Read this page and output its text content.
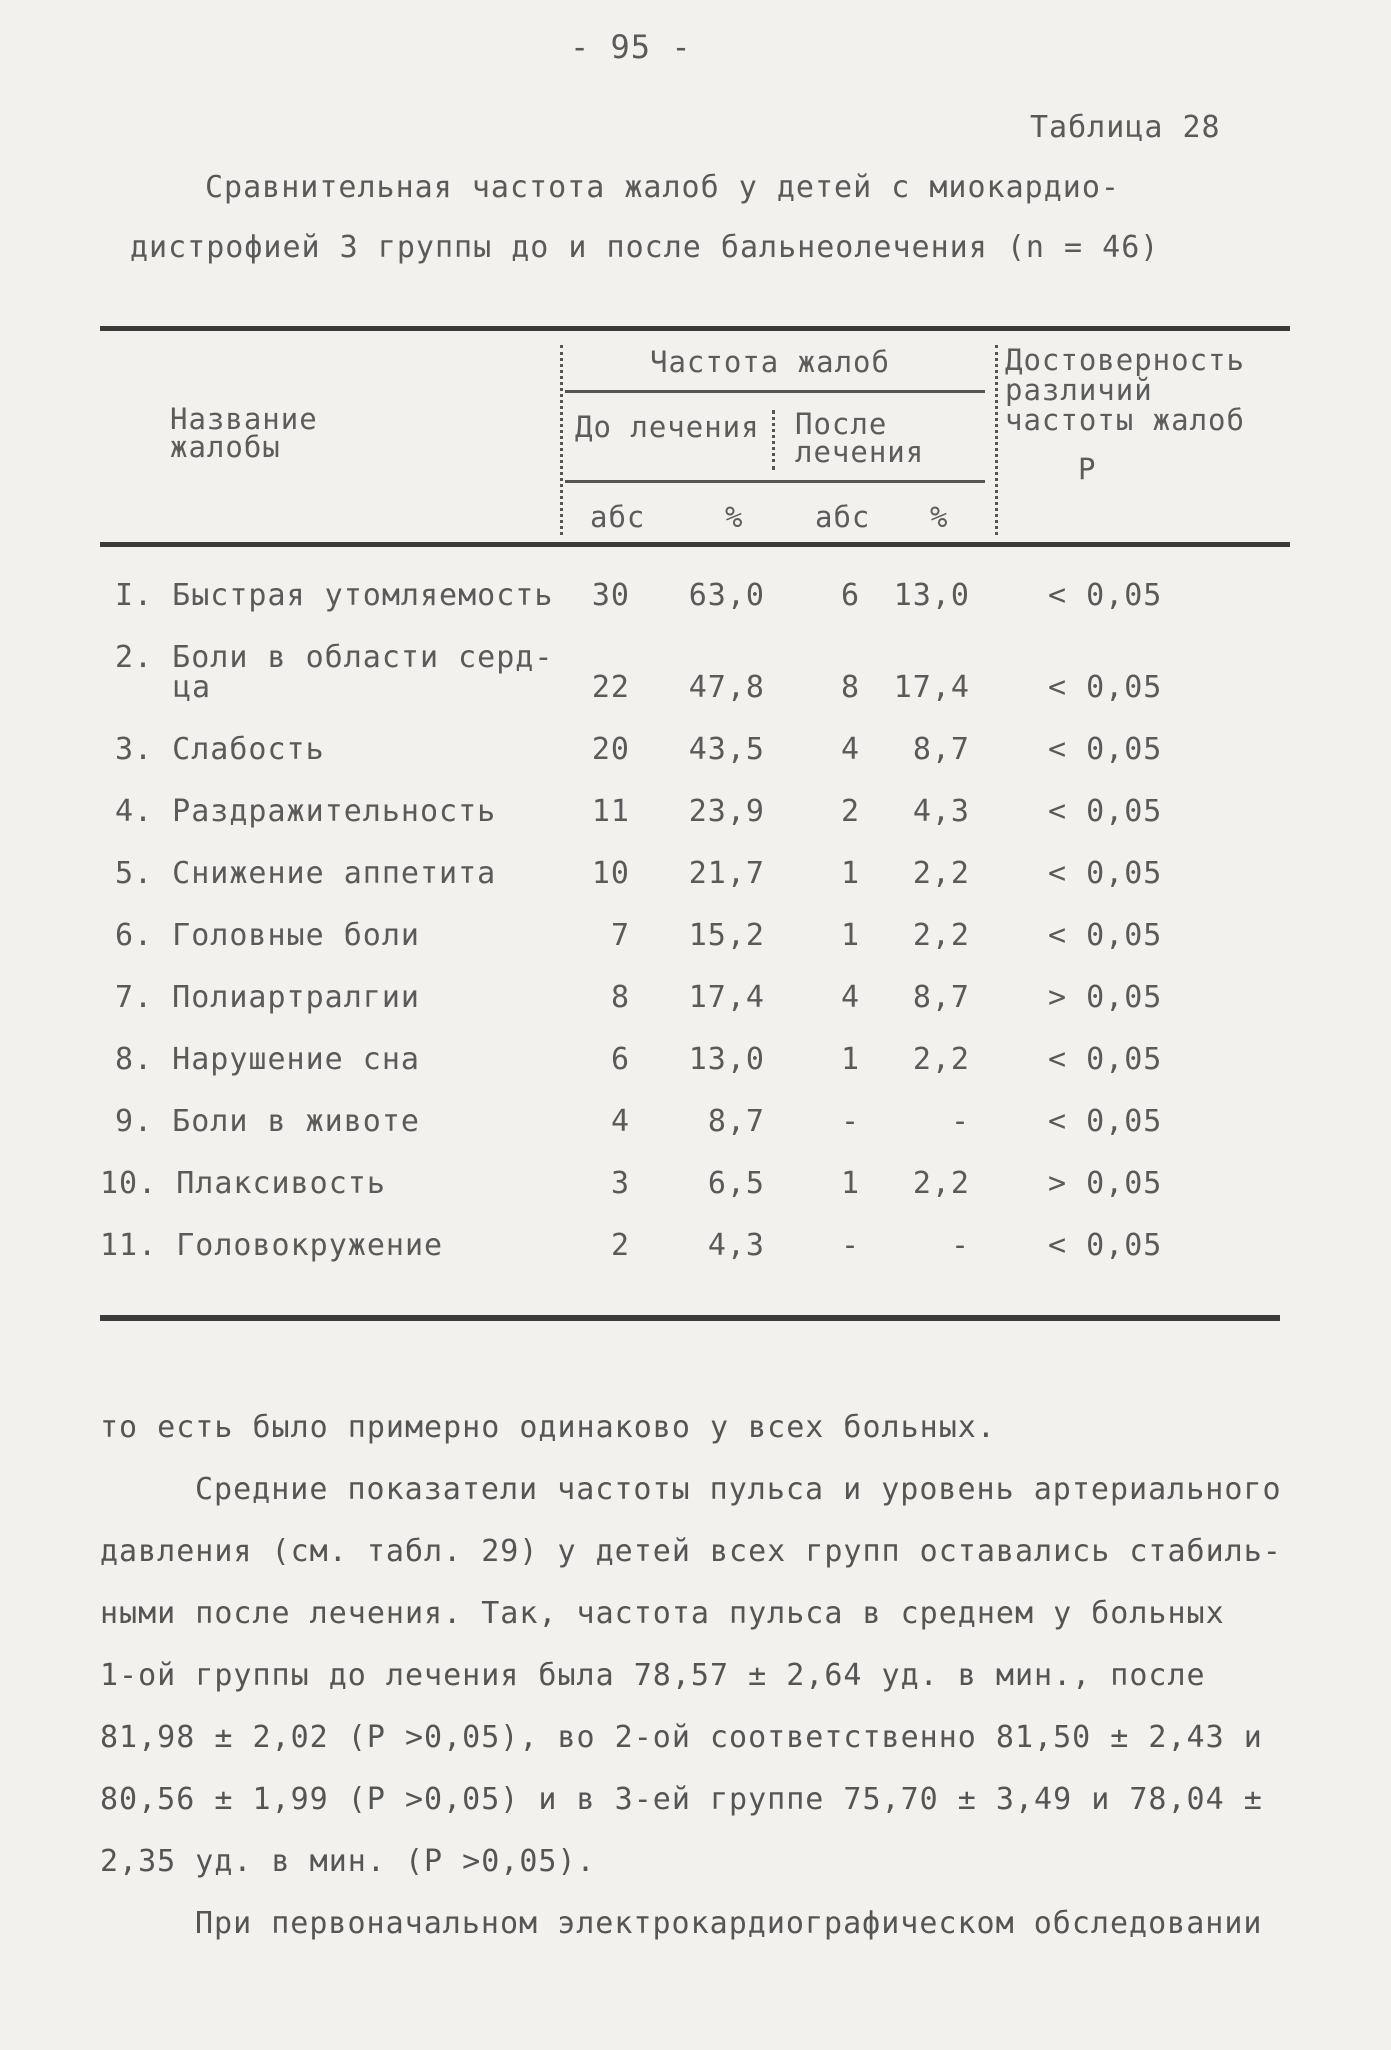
- 95 -
Таблица 28
Сравнительная частота жалоб у детей с миокардио-
дистрофией 3 группы до и после бальнеолечения (n = 46)
Название жалобы
Частота жалоб
До лечения После лечения
Достоверность различий частоты жалоб
P
абс	% абс %
I. Быстрая утомляемость	30	63,0	6	13,0	< 0,05
2. Боли в области серд-
ца	22	47,8	8	17,4	< 0,05
3. Слабость	20	43,5	4	8,7	< 0,05
4. Раздражительность	11	23,9	2	4,3	< 0,05
5. Снижение аппетита	10	21,7	1	2,2	< 0,05
6. Головные боли	7	15,2	1	2,2	< 0,05
7. Полиартралгии	8	17,4	4	8,7	> 0,05
8. Нарушение сна	6	13,0	1	2,2	< 0,05
9. Боли в животе	4	8,7	-	-	< 0,05
10. Плаксивость	3	6,5	1	2,2	> 0,05
11. Головокружение	2	4,3	-	-	< 0,05
то есть было примерно одинаково у всех больных.
Средние показатели частоты пульса и уровень артериального
давления (см. табл. 29) у детей всех групп оставались стабиль-
ными после лечения. Так, частота пульса в среднем у больных
1-ой группы до лечения была 78,57 ± 2,64 уд. в мин., после
81,98 ± 2,02 (P >0,05), во 2-ой соответственно 81,50 ± 2,43 и
80,56 ± 1,99 (P >0,05) и в 3-ей группе 75,70 ± 3,49 и 78,04 ±
2,35 уд. в мин. (P >0,05).
При первоначальном электрокардиографическом обследовании
